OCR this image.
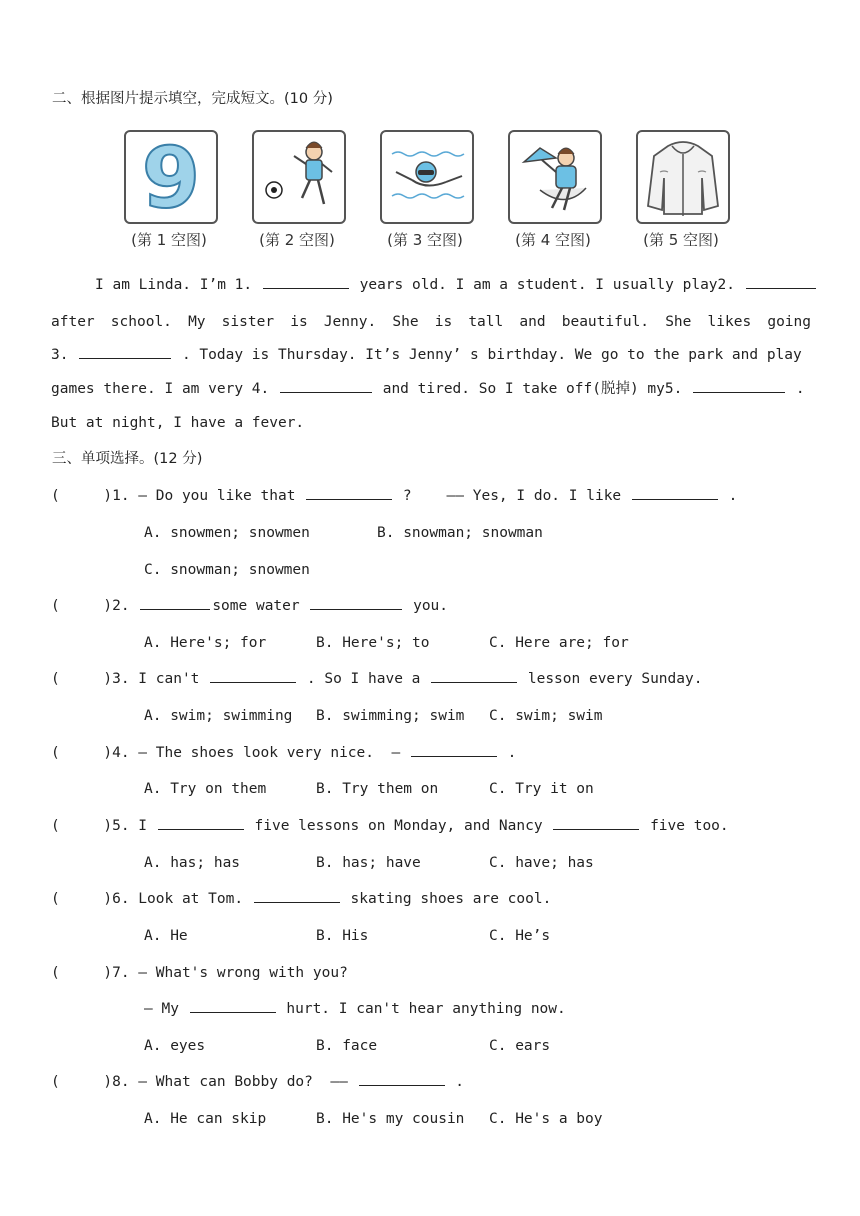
二、根据图片提示填空，完成短文。(10 分)
9
(第 1 空图)	(第 2 空图)	(第 3 空图)	(第 4 空图)	(第 5 空图)
I am Linda. I’m 1.	years old. I am a student. I usually play2.
after school. My sister is Jenny. She is tall and beautiful. She likes going
3.	. Today is Thursday. It’s Jenny’ s birthday. We go to the park and play
games there. I am very 4.	and tired. So I take off(脱掉) my5.	.
But at night, I have a fever.
三、单项选择。(12 分)
(     )1. — Do you like that	?    —— Yes, I do. I like	.
A. snowmen; snowmen	B. snowman; snowman
C. snowman; snowmen
(     )2.	some water	you.
A. Here's; for	B. Here's; to	C. Here are; for
(     )3. I can't	. So I have a	lesson every Sunday.
A. swim; swimming B. swimming; swim C. swim; swim
(     )4. — The shoes look very nice.  —	.
A. Try on them	B. Try them on	C. Try it on
(     )5. I	five lessons on Monday, and Nancy	five too.
A. has; has	B. has; have	C. have; has
(     )6. Look at Tom.	skating shoes are cool.
A. He	B. His	C. He’s
(     )7. — What's wrong with you?
— My	hurt. I can't hear anything now.
A. eyes	B. face	C. ears
(     )8. — What can Bobby do?  ——	.
A. He can skip	B. He's my cousin C. He's a boy
